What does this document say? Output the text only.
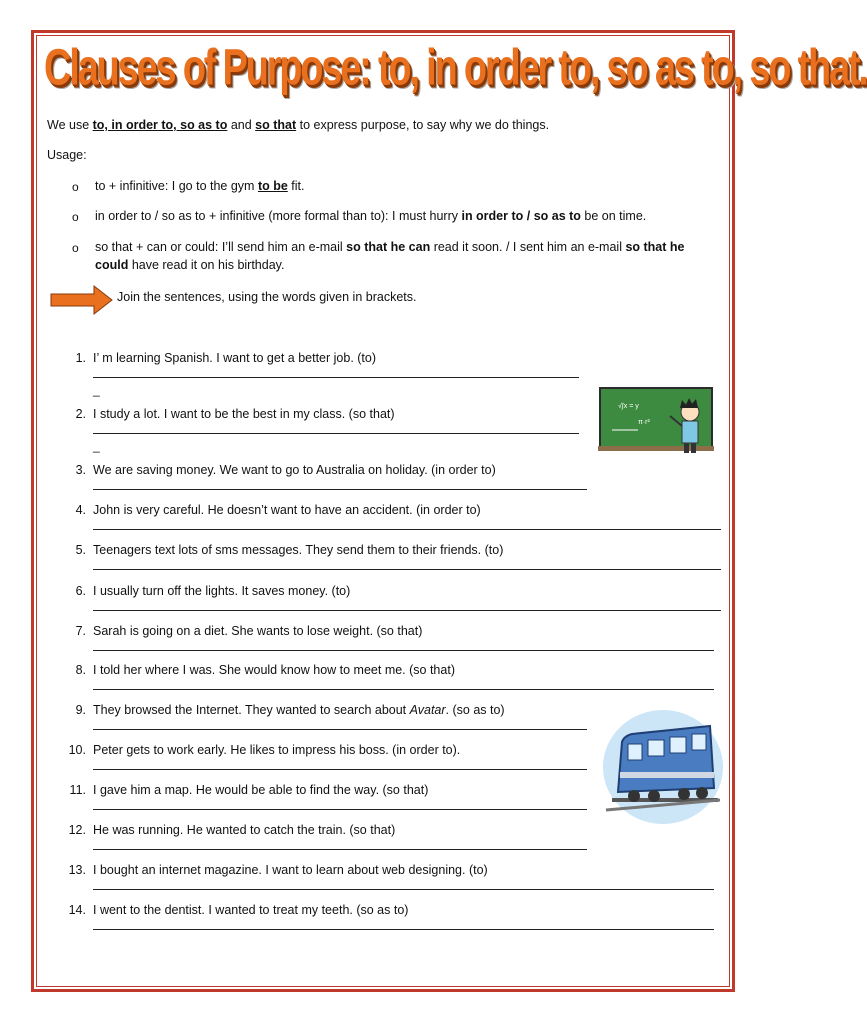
Clauses of Purpose: to, in order to, so as to, so that.
We use to, in order to, so as to and so that to express purpose, to say why we do things.
Usage:
o to + infinitive: I go to the gym to be fit.
o in order to / so as to + infinitive (more formal than to): I must hurry in order to / so as to be on time.
o so that + can or could: I’ll send him an e-mail so that he can read it soon. / I sent him an e-mail so that he
could have read it on his birthday.
Join the sentences, using the words given in brackets.
1. I’ m learning Spanish. I want to get a better job. (to)
_
2. I study a lot. I want to be the best in my class. (so that)
_
3. We are saving money. We want to go to Australia on holiday. (in order to)
4. John is very careful. He doesn’t want to have an accident. (in order to)
5. Teenagers text lots of sms messages. They send them to their friends. (to)
6. I usually turn off the lights. It saves money. (to)
7. Sarah is going on a diet. She wants to lose weight. (so that)
8. I told her where I was. She would know how to meet me. (so that)
9. They browsed the Internet. They wanted to search about Avatar. (so as to)
10. Peter gets to work early. He likes to impress his boss. (in order to).
11. I gave him a map. He would be able to find the way. (so that)
12. He was running. He wanted to catch the train. (so that)
13. I bought an internet magazine. I want to learn about web designing. (to)
14. I went to the dentist. I wanted to treat my teeth. (so as to)
√∫x = y
π·r²
